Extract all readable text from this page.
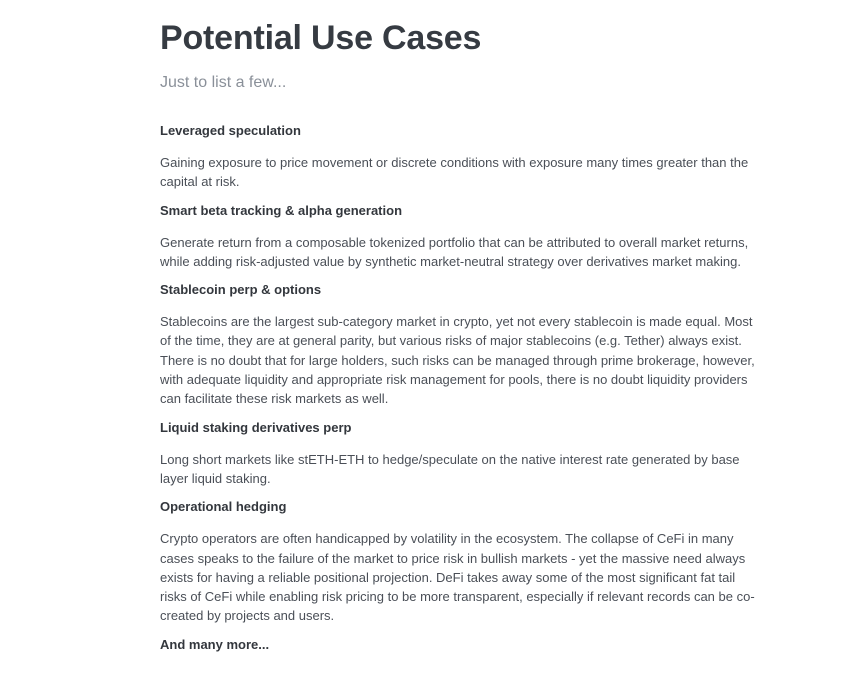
Potential Use Cases

Just to list a few...

Leveraged speculation

Gaining exposure to price movement or discrete conditions with exposure many times greater than the capital at risk.

Smart beta tracking & alpha generation

Generate return from a composable tokenized portfolio that can be attributed to overall market returns, while adding risk-adjusted value by synthetic market-neutral strategy over derivatives market making.

Stablecoin perp & options

Stablecoins are the largest sub-category market in crypto, yet not every stablecoin is made equal. Most of the time, they are at general parity, but various risks of major stablecoins (e.g. Tether) always exist. There is no doubt that for large holders, such risks can be managed through prime brokerage, however, with adequate liquidity and appropriate risk management for pools, there is no doubt liquidity providers can facilitate these risk markets as well.

Liquid staking derivatives perp

Long short markets like stETH-ETH to hedge/speculate on the native interest rate generated by base layer liquid staking.

Operational hedging

Crypto operators are often handicapped by volatility in the ecosystem. The collapse of CeFi in many cases speaks to the failure of the market to price risk in bullish markets - yet the massive need always exists for having a reliable positional projection. DeFi takes away some of the most significant fat tail risks of CeFi while enabling risk pricing to be more transparent, especially if relevant records can be co-created by projects and users.

And many more...
